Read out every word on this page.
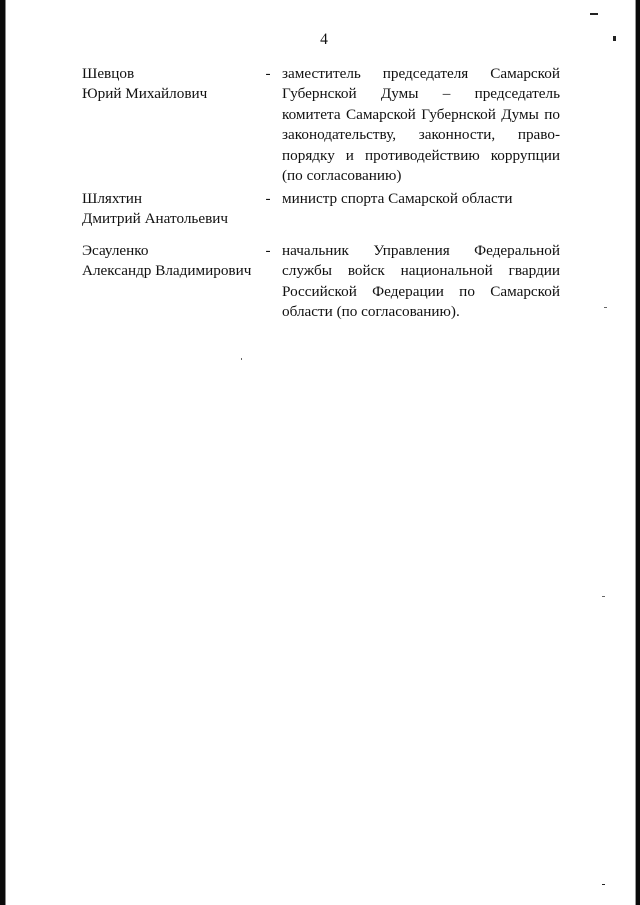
4
Шевцов
Юрий Михайлович
- заместитель председателя Самарской Губернской Думы – председатель комитета Самарской Губернской Думы по законодательству, законности, право-порядку и противодействию коррупции (по согласованию)
Шляхтин
Дмитрий Анатольевич
- министр спорта Самарской области
Эсауленко
Александр Владимирович
- начальник Управления Федеральной службы войск национальной гвардии Российской Федерации по Самарской области (по согласованию).
